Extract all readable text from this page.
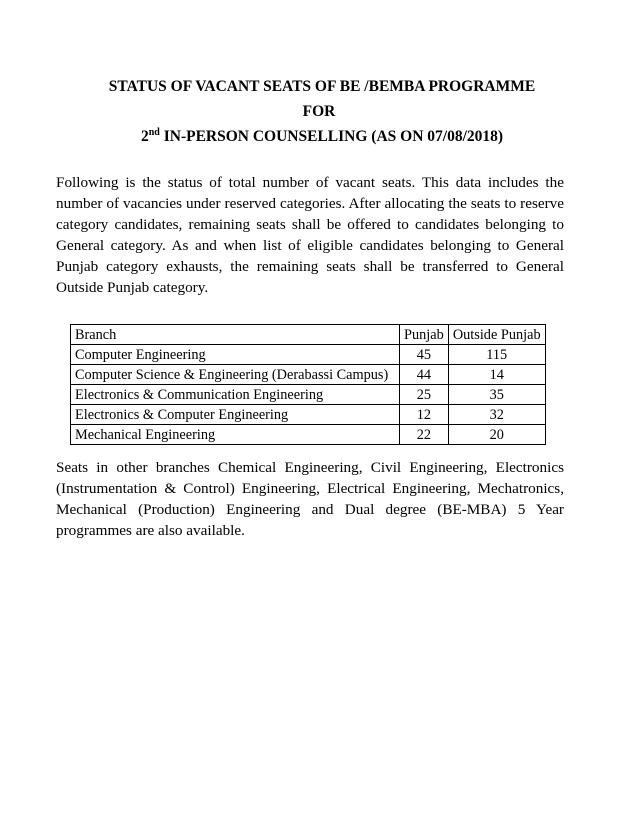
STATUS OF VACANT SEATS OF BE /BEMBA PROGRAMME
FOR
2nd IN-PERSON COUNSELLING (AS ON 07/08/2018)

Following is the status of total number of vacant seats. This data includes the number of vacancies under reserved categories. After allocating the seats to reserve category candidates, remaining seats shall be offered to candidates belonging to General category. As and when list of eligible candidates belonging to General Punjab category exhausts, the remaining seats shall be transferred to General Outside Punjab category.

Branch	Punjab	Outside Punjab
Computer Engineering	45	115
Computer Science & Engineering (Derabassi Campus)	44	14
Electronics & Communication Engineering	25	35
Electronics & Computer Engineering	12	32
Mechanical Engineering	22	20

Seats in other branches Chemical Engineering, Civil Engineering, Electronics (Instrumentation & Control) Engineering, Electrical Engineering, Mechatronics, Mechanical (Production) Engineering and Dual degree (BE-MBA) 5 Year programmes are also available.
